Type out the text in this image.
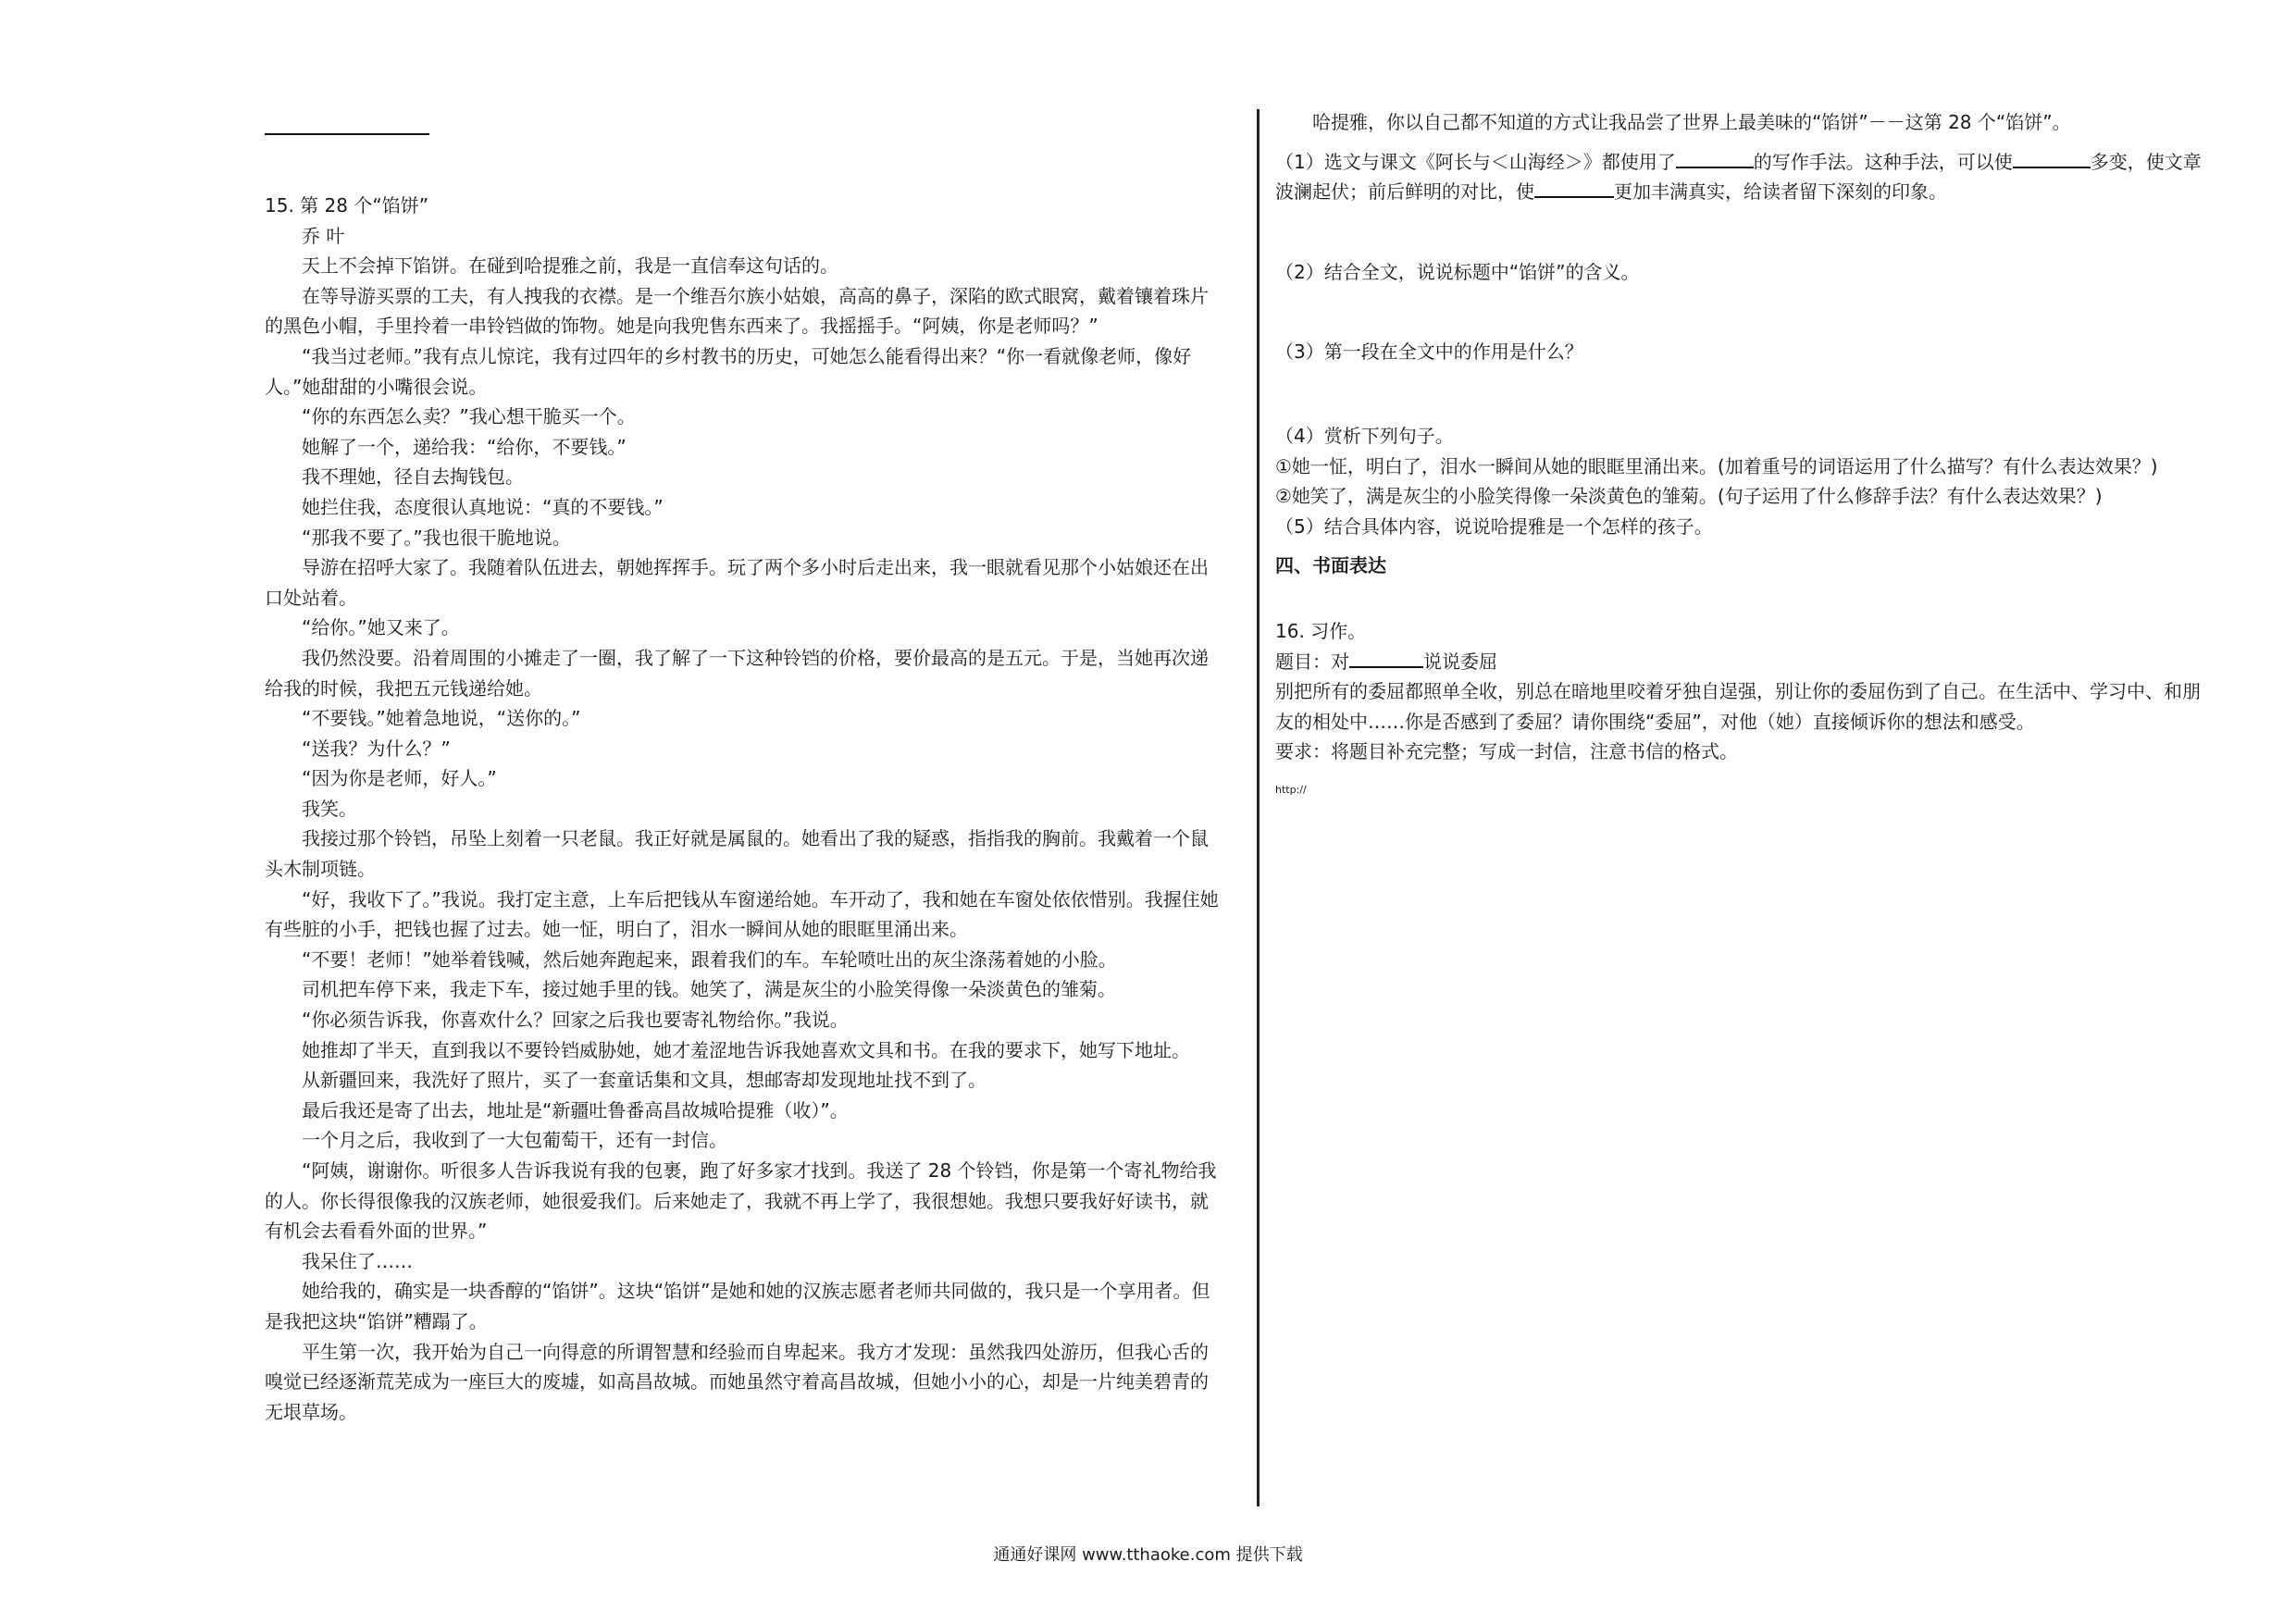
15. 第 28 个“馅饼”

乔 叶

天上不会掉下馅饼。在碰到哈提雅之前，我是一直信奉这句话的。

在等导游买票的工夫，有人拽我的衣襟。是一个维吾尔族小姑娘，高高的鼻子，深陷的欧式眼窝，戴着镶着珠片的黑色小帽，手里拎着一串铃铛做的饰物。她是向我兜售东西来了。我摇摇手。“阿姨，你是老师吗？”

“我当过老师。”我有点儿惊诧，我有过四年的乡村教书的历史，可她怎么能看得出来？“你一看就像老师，像好人。”她甜甜的小嘴很会说。

“你的东西怎么卖？”我心想干脆买一个。

她解了一个，递给我：“给你，不要钱。”

我不理她，径自去掏钱包。

她拦住我，态度很认真地说：“真的不要钱。”

“那我不要了。”我也很干脆地说。

导游在招呼大家了。我随着队伍进去，朝她挥挥手。玩了两个多小时后走出来，我一眼就看见那个小姑娘还在出口处站着。

“给你。”她又来了。

我仍然没要。沿着周围的小摊走了一圈，我了解了一下这种铃铛的价格，要价最高的是五元。于是，当她再次递给我的时候，我把五元钱递给她。

“不要钱。”她着急地说，“送你的。”

“送我？为什么？”

“因为你是老师，好人。”

我笑。

我接过那个铃铛，吊坠上刻着一只老鼠。我正好就是属鼠的。她看出了我的疑惑，指指我的胸前。我戴着一个鼠头木制项链。

“好，我收下了。”我说。我打定主意，上车后把钱从车窗递给她。车开动了，我和她在车窗处依依惜别。我握住她有些脏的小手，把钱也握了过去。她一怔，明白了，泪水一瞬间从她的眼眶里涌出来。

“不要！老师！”她举着钱喊，然后她奔跑起来，跟着我们的车。车轮喷吐出的灰尘涤荡着她的小脸。

司机把车停下来，我走下车，接过她手里的钱。她笑了，满是灰尘的小脸笑得像一朵淡黄色的雏菊。

“你必须告诉我，你喜欢什么？回家之后我也要寄礼物给你。”我说。

她推却了半天，直到我以不要铃铛威胁她，她才羞涩地告诉我她喜欢文具和书。在我的要求下，她写下地址。

从新疆回来，我洗好了照片，买了一套童话集和文具，想邮寄却发现地址找不到了。

最后我还是寄了出去，地址是“新疆吐鲁番高昌故城哈提雅（收）”。

一个月之后，我收到了一大包葡萄干，还有一封信。

“阿姨，谢谢你。听很多人告诉我说有我的包裹，跑了好多家才找到。我送了 28 个铃铛，你是第一个寄礼物给我的人。你长得很像我的汉族老师，她很爱我们。后来她走了，我就不再上学了，我很想她。我想只要我好好读书，就有机会去看看外面的世界。”

我呆住了……

她给我的，确实是一块香醇的“馅饼”。这块“馅饼”是她和她的汉族志愿者老师共同做的，我只是一个享用者。但是我把这块“馅饼”糟蹋了。

平生第一次，我开始为自己一向得意的所谓智慧和经验而自卑起来。我方才发现：虽然我四处游历，但我心舌的嗅觉已经逐渐荒芜成为一座巨大的废墟，如高昌故城。而她虽然守着高昌故城，但她小小的心，却是一片纯美碧青的无垠草场。

哈提雅，你以自己都不知道的方式让我品尝了世界上最美味的“馅饼”－－这第 28 个“馅饼”。

（1）选文与课文《阿长与＜山海经＞》都使用了	的写作手法。这种手法，可以使	多变，使文章波澜起伏；前后鲜明的对比，使	更加丰满真实，给读者留下深刻的印象。

（2）结合全文，说说标题中“馅饼”的含义。

（3）第一段在全文中的作用是什么？

（4）赏析下列句子。

①她一怔，明白了，泪水一瞬间从她的眼眶里涌出来。(加着重号的词语运用了什么描写？有什么表达效果？)

②她笑了，满是灰尘的小脸笑得像一朵淡黄色的雏菊。(句子运用了什么修辞手法？有什么表达效果？)

（5）结合具体内容，说说哈提雅是一个怎样的孩子。

四、书面表达

16. 习作。

题目：对	说说委屈

别把所有的委屈都照单全收，别总在暗地里咬着牙独自逞强，别让你的委屈伤到了自己。在生活中、学习中、和朋友的相处中……你是否感到了委屈？请你围绕“委屈”，对他（她）直接倾诉你的想法和感受。

要求：将题目补充完整；写成一封信，注意书信的格式。

http://

通通好课网 www.tthaoke.com 提供下载
